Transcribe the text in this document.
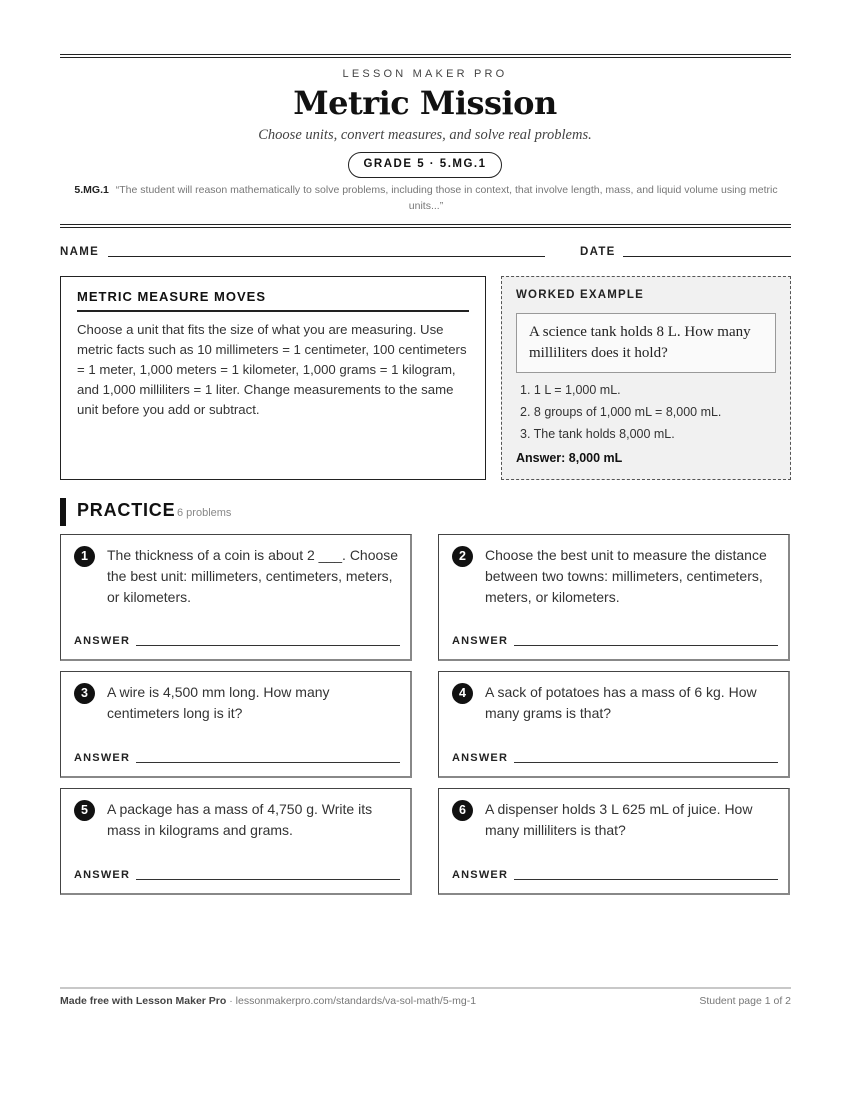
LESSON MAKER PRO
Metric Mission
Choose units, convert measures, and solve real problems.
GRADE 5 · 5.MG.1
5.MG.1 “The student will reason mathematically to solve problems, including those in context, that involve length, mass, and liquid volume using metric units...”
NAME	DATE
METRIC MEASURE MOVES
Choose a unit that fits the size of what you are measuring. Use metric facts such as 10 millimeters = 1 centimeter, 100 centimeters = 1 meter, 1,000 meters = 1 kilometer, 1,000 grams = 1 kilogram, and 1,000 milliliters = 1 liter. Change measurements to the same unit before you add or subtract.
WORKED EXAMPLE
A science tank holds 8 L. How many milliliters does it hold?
1. 1 L = 1,000 mL.
2. 8 groups of 1,000 mL = 8,000 mL.
3. The tank holds 8,000 mL.
Answer: 8,000 mL
PRACTICE 6 problems
1	The thickness of a coin is about 2 ___. Choose the best unit: millimeters, centimeters, meters, or kilometers.
ANSWER
2	Choose the best unit to measure the distance between two towns: millimeters, centimeters, meters, or kilometers.
ANSWER
3	A wire is 4,500 mm long. How many centimeters long is it?
ANSWER
4	A sack of potatoes has a mass of 6 kg. How many grams is that?
ANSWER
5	A package has a mass of 4,750 g. Write its mass in kilograms and grams.
ANSWER
6	A dispenser holds 3 L 625 mL of juice. How many milliliters is that?
ANSWER
Made free with Lesson Maker Pro · lessonmakerpro.com/standards/va-sol-math/5-mg-1	Student page 1 of 2
